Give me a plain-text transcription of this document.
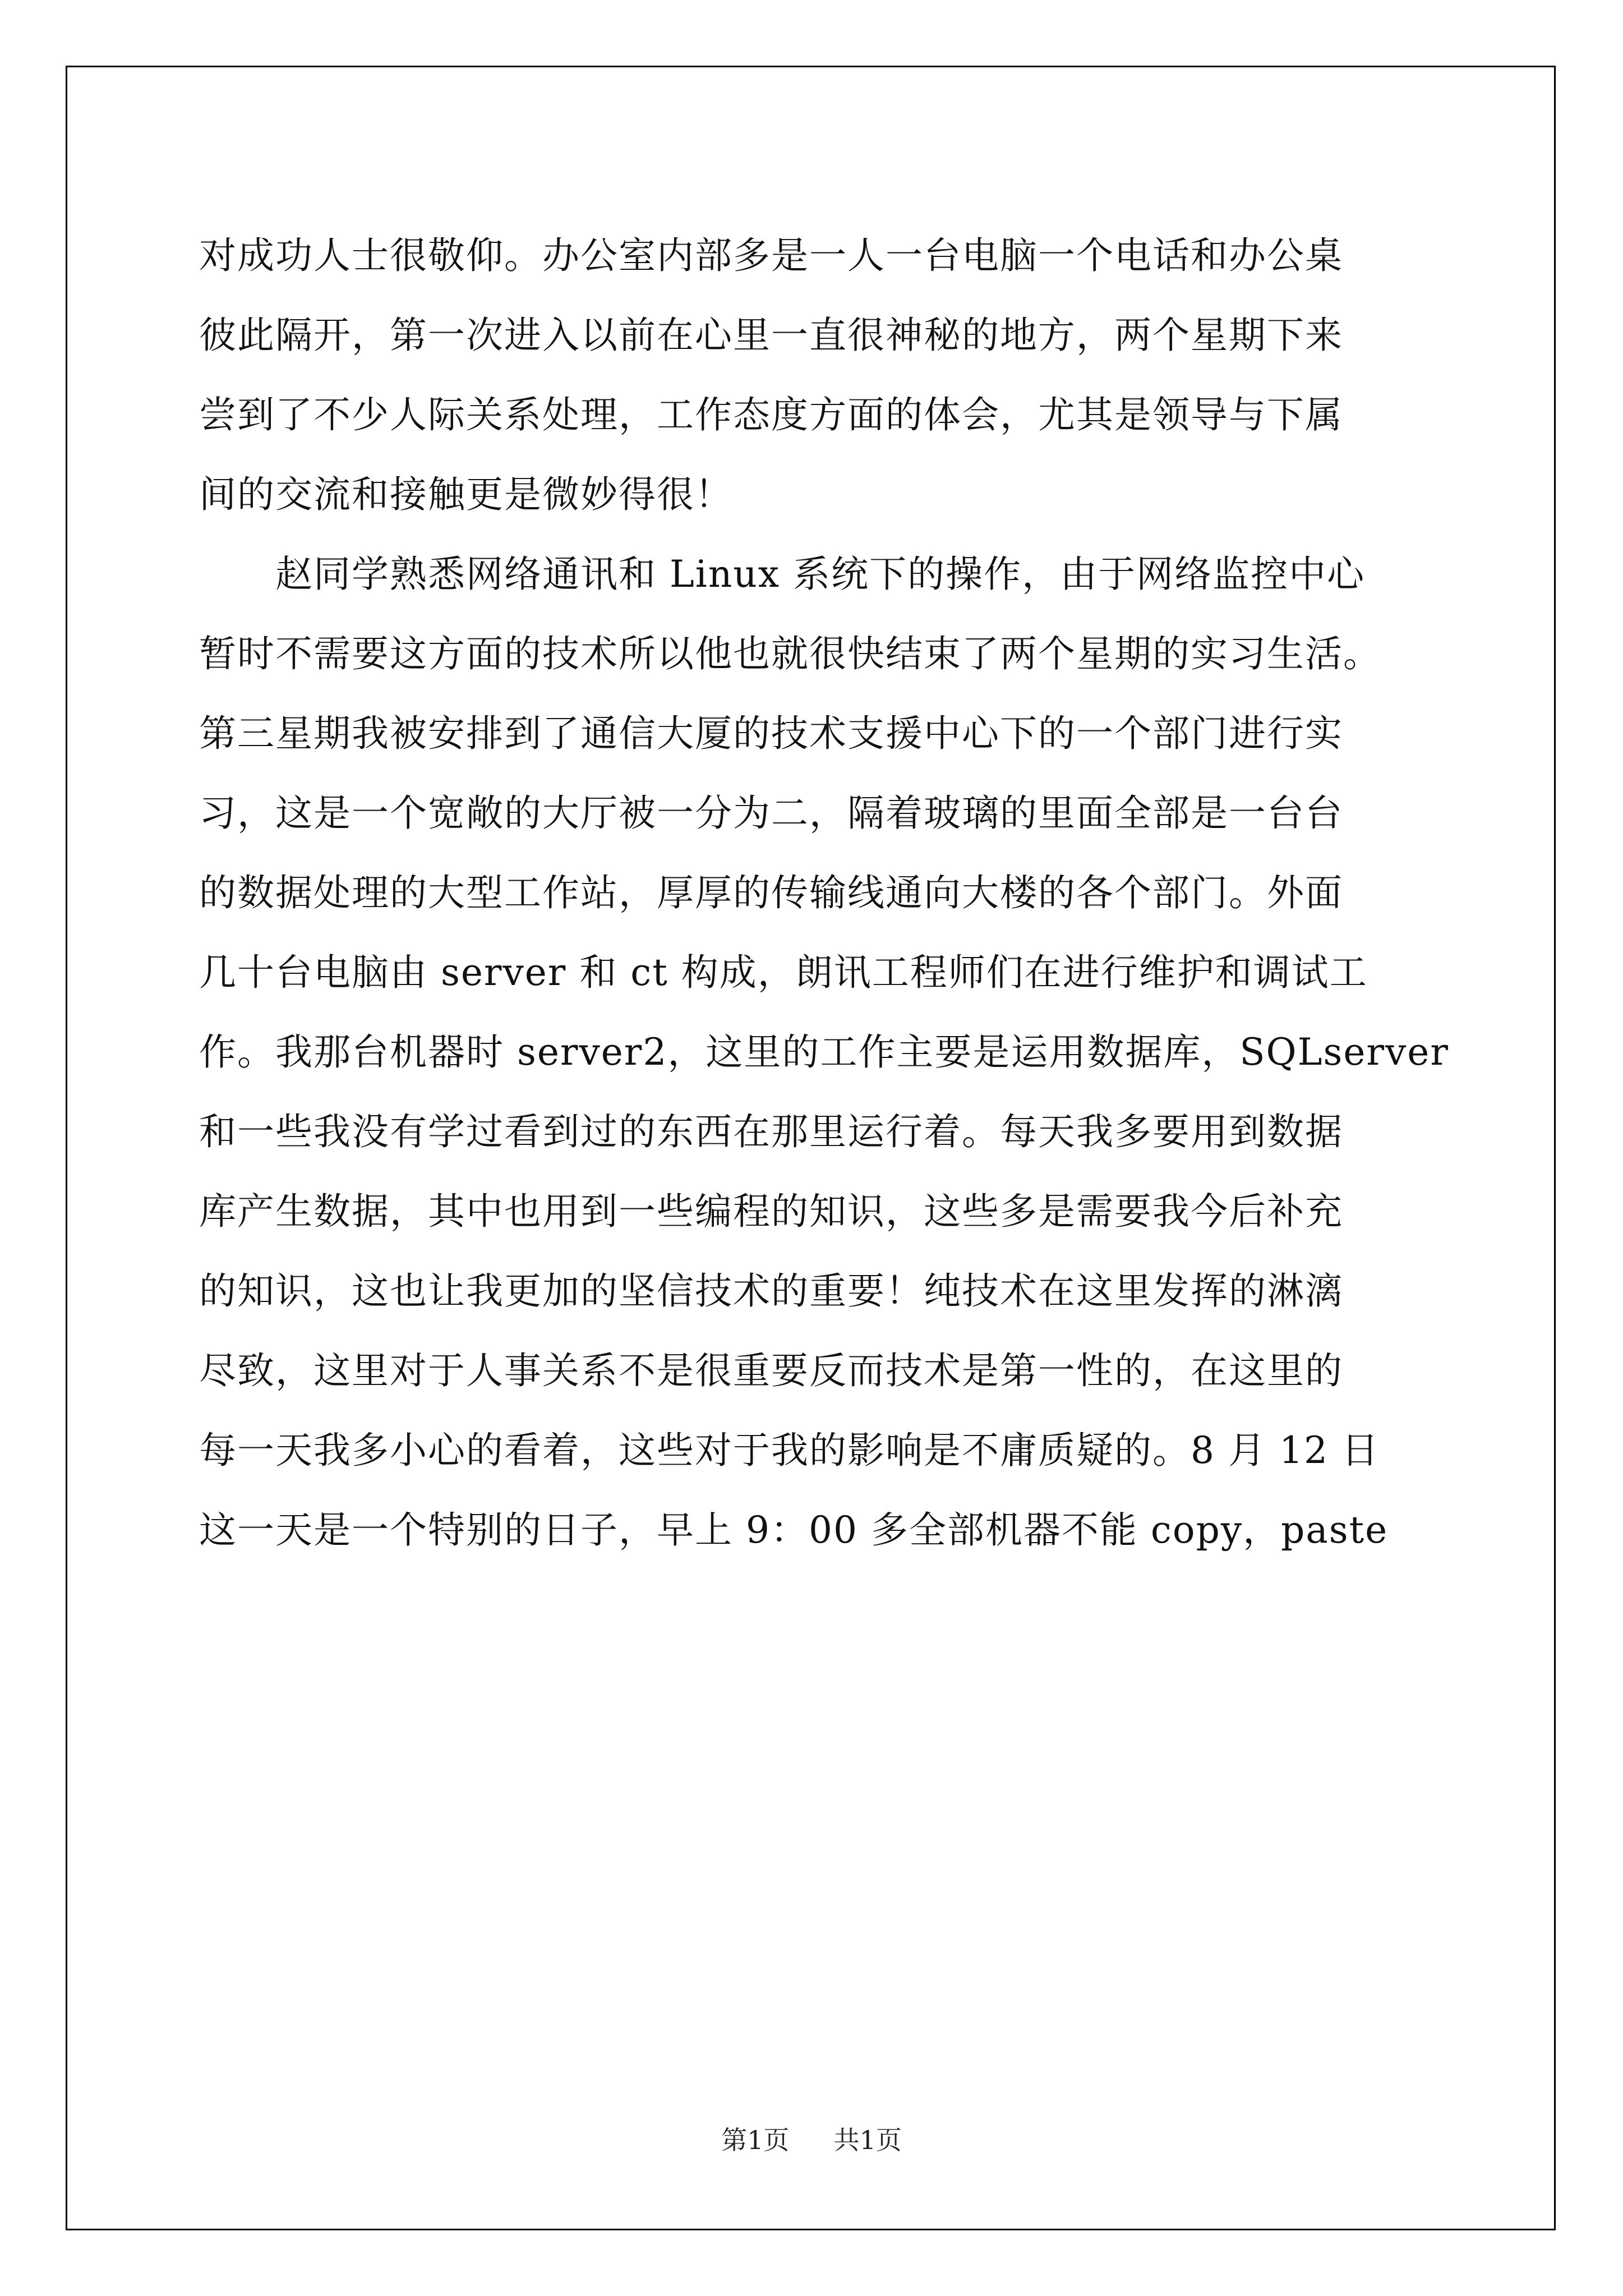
对成功人士很敬仰。办公室内部多是一人一台电脑一个电话和办公桌
彼此隔开，第一次进入以前在心里一直很神秘的地方，两个星期下来
尝到了不少人际关系处理，工作态度方面的体会，尤其是领导与下属
间的交流和接触更是微妙得很！
　　赵同学熟悉网络通讯和 Linux 系统下的操作，由于网络监控中心
暂时不需要这方面的技术所以他也就很快结束了两个星期的实习生活。
第三星期我被安排到了通信大厦的技术支援中心下的一个部门进行实
习，这是一个宽敞的大厅被一分为二，隔着玻璃的里面全部是一台台
的数据处理的大型工作站，厚厚的传输线通向大楼的各个部门。外面
几十台电脑由 server 和 ct 构成，朗讯工程师们在进行维护和调试工
作。我那台机器时 server2，这里的工作主要是运用数据库，SQLserver
和一些我没有学过看到过的东西在那里运行着。每天我多要用到数据
库产生数据，其中也用到一些编程的知识，这些多是需要我今后补充
的知识，这也让我更加的坚信技术的重要！纯技术在这里发挥的淋漓
尽致，这里对于人事关系不是很重要反而技术是第一性的，在这里的
每一天我多小心的看着，这些对于我的影响是不庸质疑的。8 月 12 日
这一天是一个特别的日子，早上 9：00 多全部机器不能 copy，paste
第1页 共1页
